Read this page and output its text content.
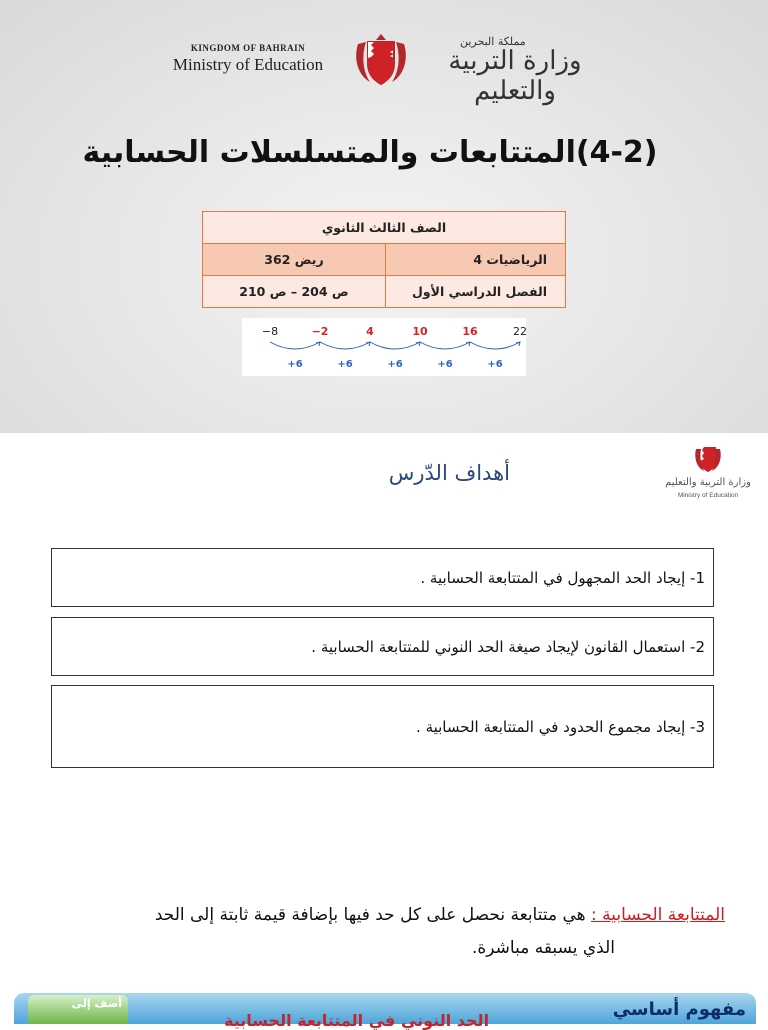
KINGDOM OF BAHRAIN
Ministry of Education
مملكة البحرين
وزارة التربية والتعليم
(4-2)المتتابعات والمتسلسلات الحسابية
الصف الثالث الثانوي	
الرياضيات 4	ريض 362
الفصل الدراسي الأول	ص 204 – ص 210
−8	−2	4	10	16	22
+6	+6	+6	+6	+6
وزارة التربية والتعليم
Ministry of Education
أهداف الدّرس
1- إيجاد الحد المجهول في المتتابعة الحسابية .
2- استعمال القانون لإيجاد صيغة الحد النوني للمتتابعة الحسابية .
3- إيجاد مجموع الحدود في المتتابعة الحسابية .
المتتابعة الحسابية : هي متتابعة نحصل على كل حد فيها بإضافة قيمة ثابتة إلى الحد
الذي يسبقه مباشرة.
أضف إلى
الحد النوني في المتتابعة الحسابية
مفهوم أساسي
